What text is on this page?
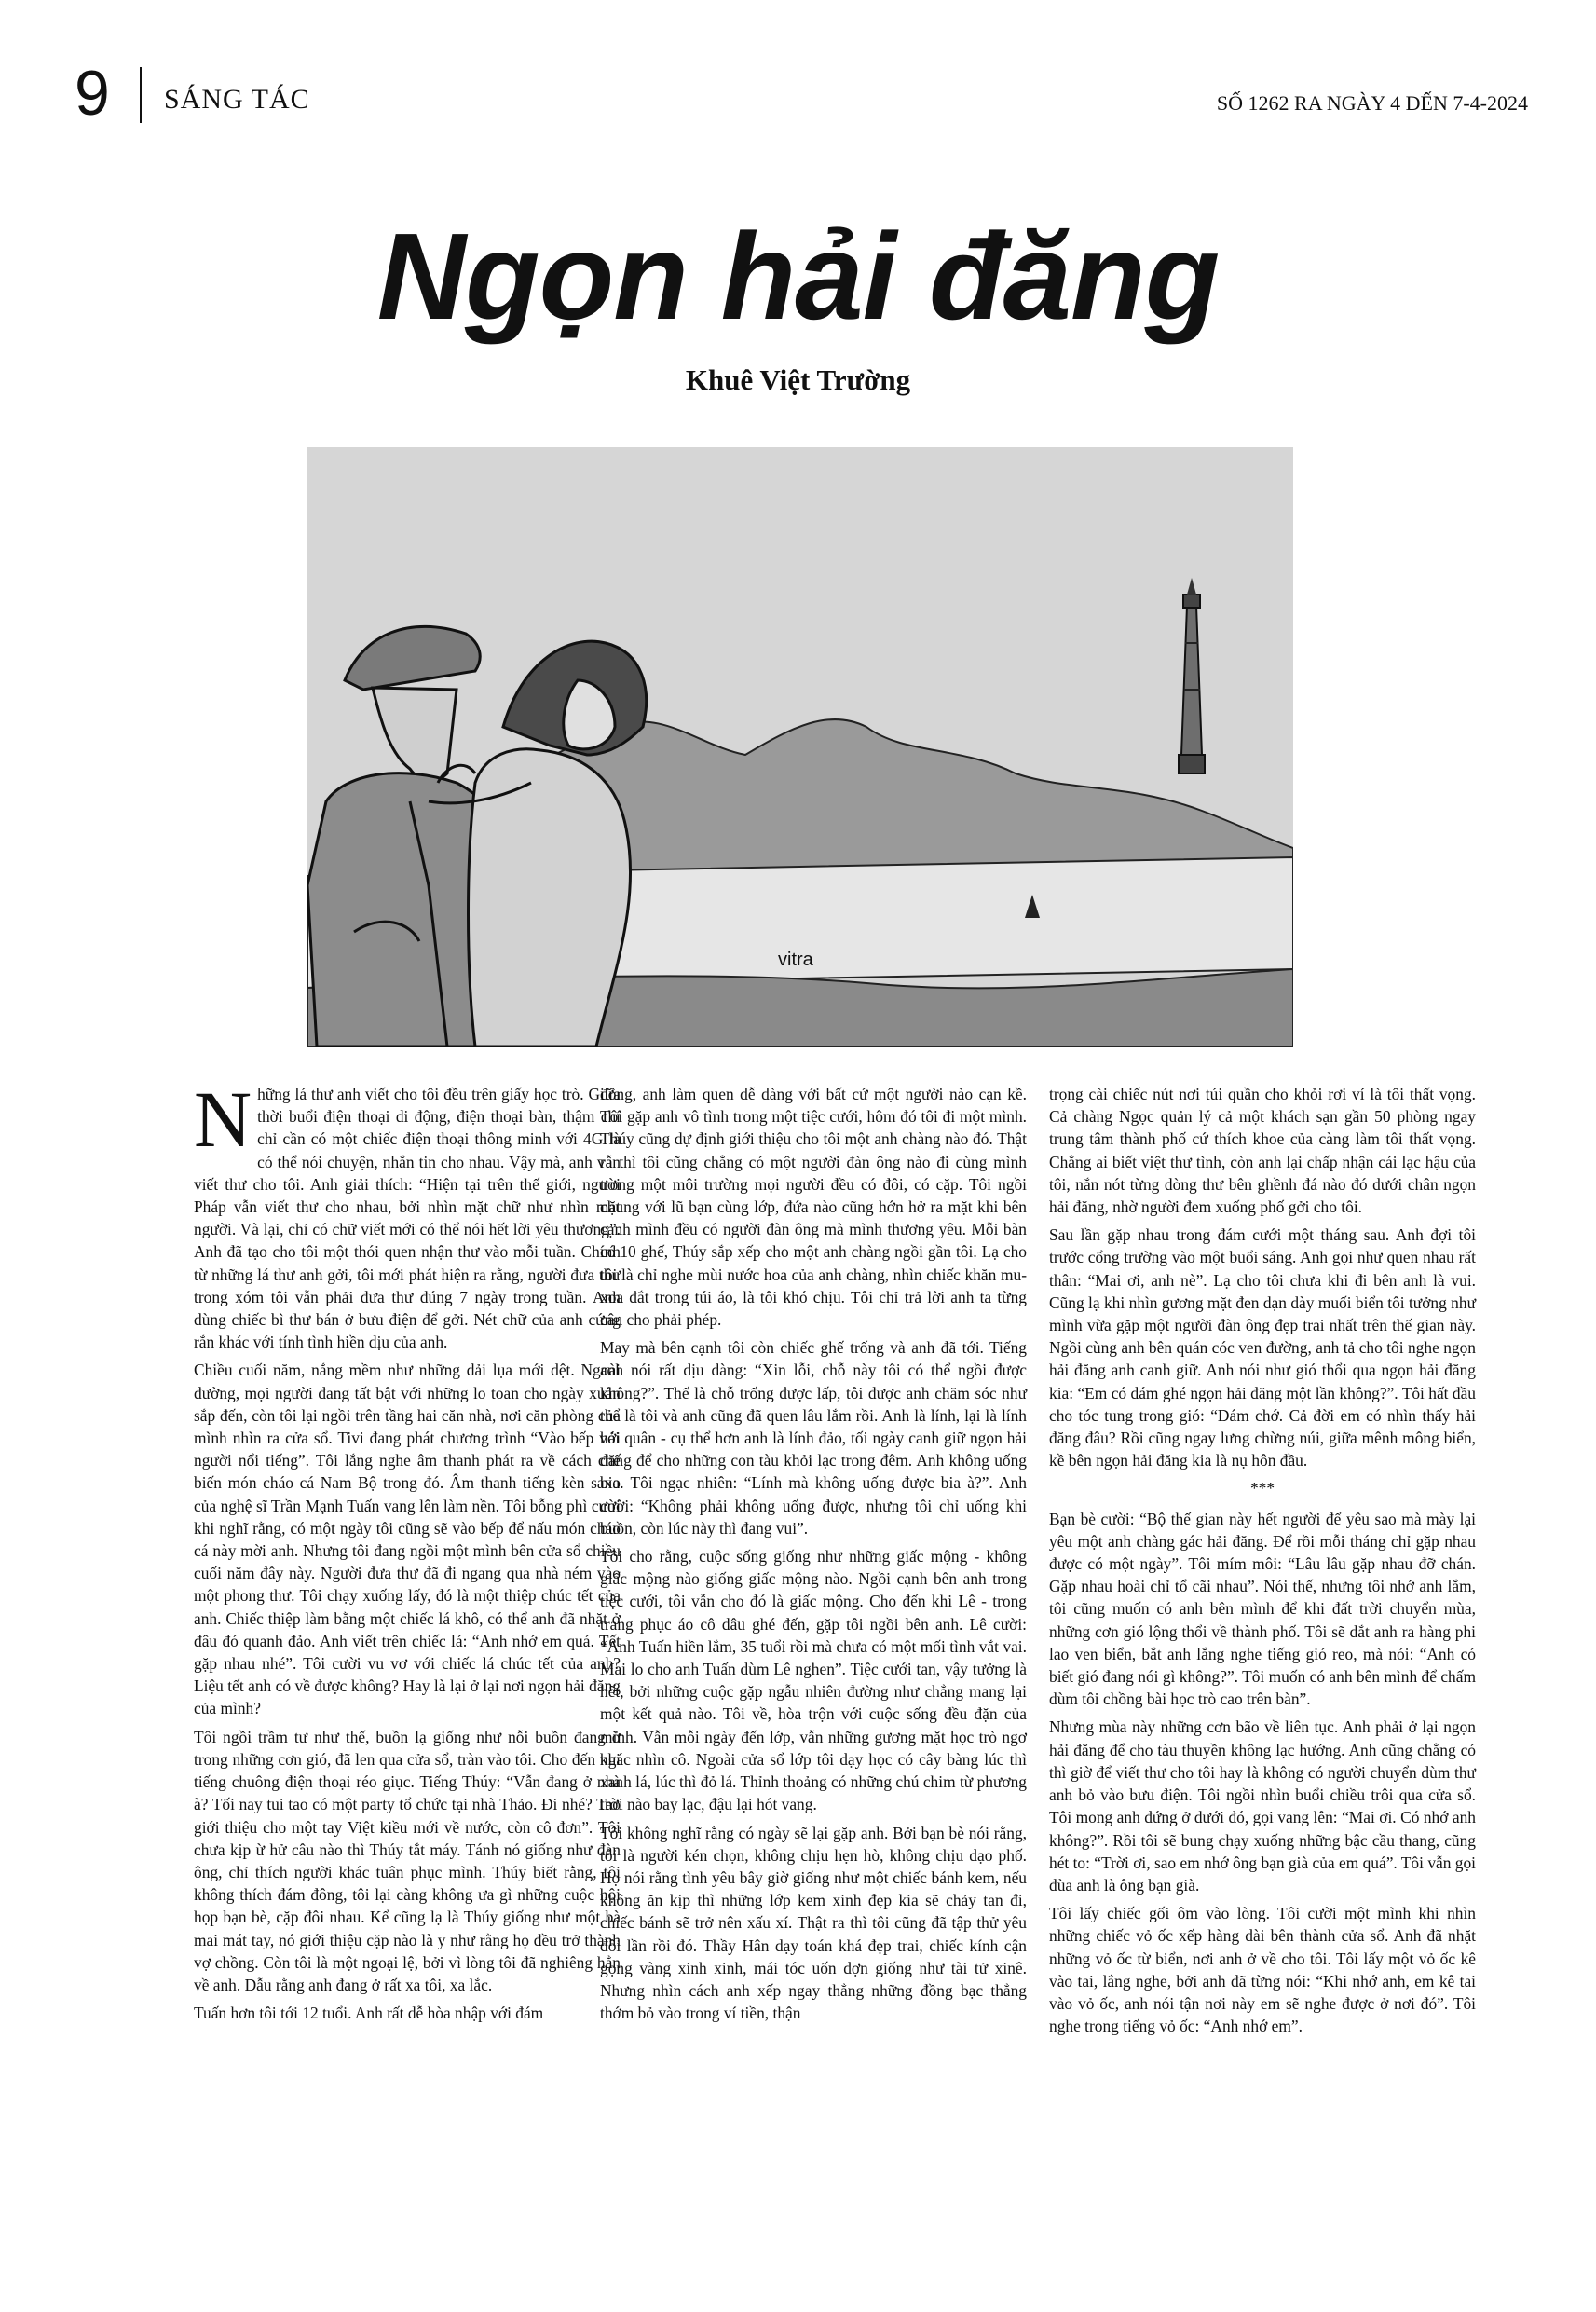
9 SÁNG TÁC	SỐ 1262 RA NGÀY 4 ĐẾN 7-4-2024
Ngọn hải đăng
Khuê Việt Trường
vitra

Những lá thư anh viết cho tôi đều trên giấy học trò. Giữa thời buổi điện thoại di động, điện thoại bàn, thậm chí chỉ cần có một chiếc điện thoại thông minh với 4G là có thể nói chuyện, nhắn tin cho nhau. Vậy mà, anh vẫn viết thư cho tôi. Anh giải thích: “Hiện tại trên thế giới, người Pháp vẫn viết thư cho nhau, bởi nhìn mặt chữ như nhìn mặt người. Và lại, chỉ có chữ viết mới có thể nói hết lời yêu thương”. Anh đã tạo cho tôi một thói quen nhận thư vào mỗi tuần. Chính từ những lá thư anh gởi, tôi mới phát hiện ra rằng, người đưa thư trong xóm tôi vẫn phải đưa thư đúng 7 ngày trong tuần. Anh dùng chiếc bì thư bán ở bưu điện để gởi. Nét chữ của anh cứng rắn khác với tính tình hiền dịu của anh.

Chiều cuối năm, nắng mềm như những dải lụa mới dệt. Ngoài đường, mọi người đang tất bật với những lo toan cho ngày xuân sắp đến, còn tôi lại ngồi trên tầng hai căn nhà, nơi căn phòng của mình nhìn ra cửa sổ. Tivi đang phát chương trình “Vào bếp với người nổi tiếng”. Tôi lắng nghe âm thanh phát ra về cách chế biến món cháo cá Nam Bộ trong đó. Âm thanh tiếng kèn saxo của nghệ sĩ Trần Mạnh Tuấn vang lên làm nền. Tôi bỗng phì cười khi nghĩ rằng, có một ngày tôi cũng sẽ vào bếp để nấu món cháo cá này mời anh. Nhưng tôi đang ngồi một mình bên cửa sổ chiều cuối năm đây này. Người đưa thư đã đi ngang qua nhà ném vào một phong thư. Tôi chạy xuống lấy, đó là một thiệp chúc tết của anh. Chiếc thiệp làm bằng một chiếc lá khô, có thể anh đã nhặt ở đâu đó quanh đảo. Anh viết trên chiếc lá: “Anh nhớ em quá. Tết gặp nhau nhé”. Tôi cười vu vơ với chiếc lá chúc tết của anh? Liệu tết anh có về được không? Hay là lại ở lại nơi ngọn hải đăng của mình?

Tôi ngồi trầm tư như thế, buồn lạ giống như nỗi buồn đang ở trong những cơn gió, đã len qua cửa sổ, tràn vào tôi. Cho đến khi tiếng chuông điện thoại réo giục. Tiếng Thúy: “Vẫn đang ở nhà à? Tối nay tui tao có một party tổ chức tại nhà Thảo. Đi nhé? Tao giới thiệu cho một tay Việt kiều mới về nước, còn cô đơn”. Tôi chưa kịp ừ hử câu nào thì Thúy tắt máy. Tánh nó giống như đàn ông, chỉ thích người khác tuân phục mình. Thúy biết rằng, tôi không thích đám đông, tôi lại càng không ưa gì những cuộc hội họp bạn bè, cặp đôi nhau. Kể cũng lạ là Thúy giống như một bà mai mát tay, nó giới thiệu cặp nào là y như rằng họ đều trở thành vợ chồng. Còn tôi là một ngoại lệ, bởi vì lòng tôi đã nghiêng hẳn về anh. Dẫu rằng anh đang ở rất xa tôi, xa lắc.

Tuấn hơn tôi tới 12 tuổi. Anh rất dễ hòa nhập với đám

đông, anh làm quen dễ dàng với bất cứ một người nào cạn kề. Tôi gặp anh vô tình trong một tiệc cưới, hôm đó tôi đi một mình. Thúy cũng dự định giới thiệu cho tôi một anh chàng nào đó. Thật ra thì tôi cũng chẳng có một người đàn ông nào đi cùng mình trong một môi trường mọi người đều có đôi, có cặp. Tôi ngồi chung với lũ bạn cùng lớp, đứa nào cũng hớn hở ra mặt khi bên cạnh mình đều có người đàn ông mà mình thương yêu. Mỗi bàn có 10 ghế, Thúy sắp xếp cho một anh chàng ngồi gần tôi. Lạ cho tôi là chỉ nghe mùi nước hoa của anh chàng, nhìn chiếc khăn mu-xoa đắt trong túi áo, là tôi khó chịu. Tôi chỉ trả lời anh ta từng câu cho phải phép.

May mà bên cạnh tôi còn chiếc ghế trống và anh đã tới. Tiếng anh nói rất dịu dàng: “Xin lỗi, chỗ này tôi có thể ngồi được không?”. Thế là chỗ trống được lấp, tôi được anh chăm sóc như thể là tôi và anh cũng đã quen lâu lắm rồi. Anh là lính, lại là lính hải quân - cụ thể hơn anh là lính đảo, tối ngày canh giữ ngọn hải đăng để cho những con tàu khỏi lạc trong đêm. Anh không uống bia. Tôi ngạc nhiên: “Lính mà không uống được bia à?”. Anh cười: “Không phải không uống được, nhưng tôi chỉ uống khi buồn, còn lúc này thì đang vui”.

Tôi cho rằng, cuộc sống giống như những giấc mộng - không giấc mộng nào giống giấc mộng nào. Ngồi cạnh bên anh trong tiệc cưới, tôi vẫn cho đó là giấc mộng. Cho đến khi Lê - trong trang phục áo cô dâu ghé đến, gặp tôi ngồi bên anh. Lê cười: “Anh Tuấn hiền lắm, 35 tuổi rồi mà chưa có một mối tình vắt vai. Mai lo cho anh Tuấn dùm Lê nghen”. Tiệc cưới tan, vậy tưởng là hết, bởi những cuộc gặp ngẫu nhiên đường như chẳng mang lại một kết quả nào. Tôi về, hòa trộn với cuộc sống đều đặn của mình. Vẫn mỗi ngày đến lớp, vẫn những gương mặt học trò ngơ ngác nhìn cô. Ngoài cửa sổ lớp tôi dạy học có cây bàng lúc thì xanh lá, lúc thì đỏ lá. Thỉnh thoảng có những chú chim từ phương trời nào bay lạc, đậu lại hót vang.

Tôi không nghĩ rằng có ngày sẽ lại gặp anh. Bởi bạn bè nói rằng, tôi là người kén chọn, không chịu hẹn hò, không chịu dạo phố. Họ nói rằng tình yêu bây giờ giống như một chiếc bánh kem, nếu không ăn kịp thì những lớp kem xinh đẹp kia sẽ chảy tan đi, chiếc bánh sẽ trở nên xấu xí. Thật ra thì tôi cũng đã tập thử yêu đôi lần rồi đó. Thầy Hân dạy toán khá đẹp trai, chiếc kính cận gọng vàng xinh xinh, mái tóc uốn dợn giống như tài tử xinê. Nhưng nhìn cách anh xếp ngay thẳng những đồng bạc thẳng thớm bỏ vào trong ví tiền, thận

trọng cài chiếc nút nơi túi quần cho khỏi rơi ví là tôi thất vọng. Cả chàng Ngọc quản lý cả một khách sạn gần 50 phòng ngay trung tâm thành phố cứ thích khoe của càng làm tôi thất vọng. Chẳng ai biết việt thư tình, còn anh lại chấp nhận cái lạc hậu của tôi, nắn nót từng dòng thư bên ghềnh đá nào đó dưới chân ngọn hải đăng, nhờ người đem xuống phố gởi cho tôi.

Sau lần gặp nhau trong đám cưới một tháng sau. Anh đợi tôi trước cổng trường vào một buổi sáng. Anh gọi như quen nhau rất thân: “Mai ơi, anh nè”. Lạ cho tôi chưa khi đi bên anh là vui. Cũng lạ khi nhìn gương mặt đen dạn dày muối biển tôi tưởng như mình vừa gặp một người đàn ông đẹp trai nhất trên thế gian này. Ngồi cùng anh bên quán cóc ven đường, anh tả cho tôi nghe ngọn hải đăng anh canh giữ. Anh nói như gió thổi qua ngọn hải đăng kia: “Em có dám ghé ngọn hải đăng một lần không?”. Tôi hất đầu cho tóc tung trong gió: “Dám chớ. Cả đời em có nhìn thấy hải đăng đâu? Rồi cũng ngay lưng chừng núi, giữa mênh mông biển, kề bên ngọn hải đăng kia là nụ hôn đầu.

***

Bạn bè cười: “Bộ thế gian này hết người để yêu sao mà mày lại yêu một anh chàng gác hải đăng. Để rồi mỗi tháng chỉ gặp nhau được có một ngày”. Tôi mím môi: “Lâu lâu gặp nhau đỡ chán. Gặp nhau hoài chỉ tổ cãi nhau”. Nói thế, nhưng tôi nhớ anh lắm, tôi cũng muốn có anh bên mình để khi đất trời chuyển mùa, những cơn gió lộng thổi về thành phố. Tôi sẽ dắt anh ra hàng phi lao ven biển, bắt anh lắng nghe tiếng gió reo, mà nói: “Anh có biết gió đang nói gì không?”. Tôi muốn có anh bên mình để chấm dùm tôi chồng bài học trò cao trên bàn”.

Nhưng mùa này những cơn bão về liên tục. Anh phải ở lại ngọn hải đăng để cho tàu thuyền không lạc hướng. Anh cũng chẳng có thì giờ để viết thư cho tôi hay là không có người chuyển dùm thư anh bỏ vào bưu điện. Tôi ngồi nhìn buổi chiều trôi qua cửa sổ. Tôi mong anh đứng ở dưới đó, gọi vang lên: “Mai ơi. Có nhớ anh không?”. Rồi tôi sẽ bung chạy xuống những bậc cầu thang, cũng hét to: “Trời ơi, sao em nhớ ông bạn già của em quá”. Tôi vẫn gọi đùa anh là ông bạn già.

Tôi lấy chiếc gối ôm vào lòng. Tôi cười một mình khi nhìn những chiếc vỏ ốc xếp hàng dài bên thành cửa sổ. Anh đã nhặt những vỏ ốc từ biển, nơi anh ở về cho tôi. Tôi lấy một vỏ ốc kê vào tai, lắng nghe, bởi anh đã từng nói: “Khi nhớ anh, em kê tai vào vỏ ốc, anh nói tận nơi này em sẽ nghe được ở nơi đó”. Tôi nghe trong tiếng vỏ ốc: “Anh nhớ em”.
